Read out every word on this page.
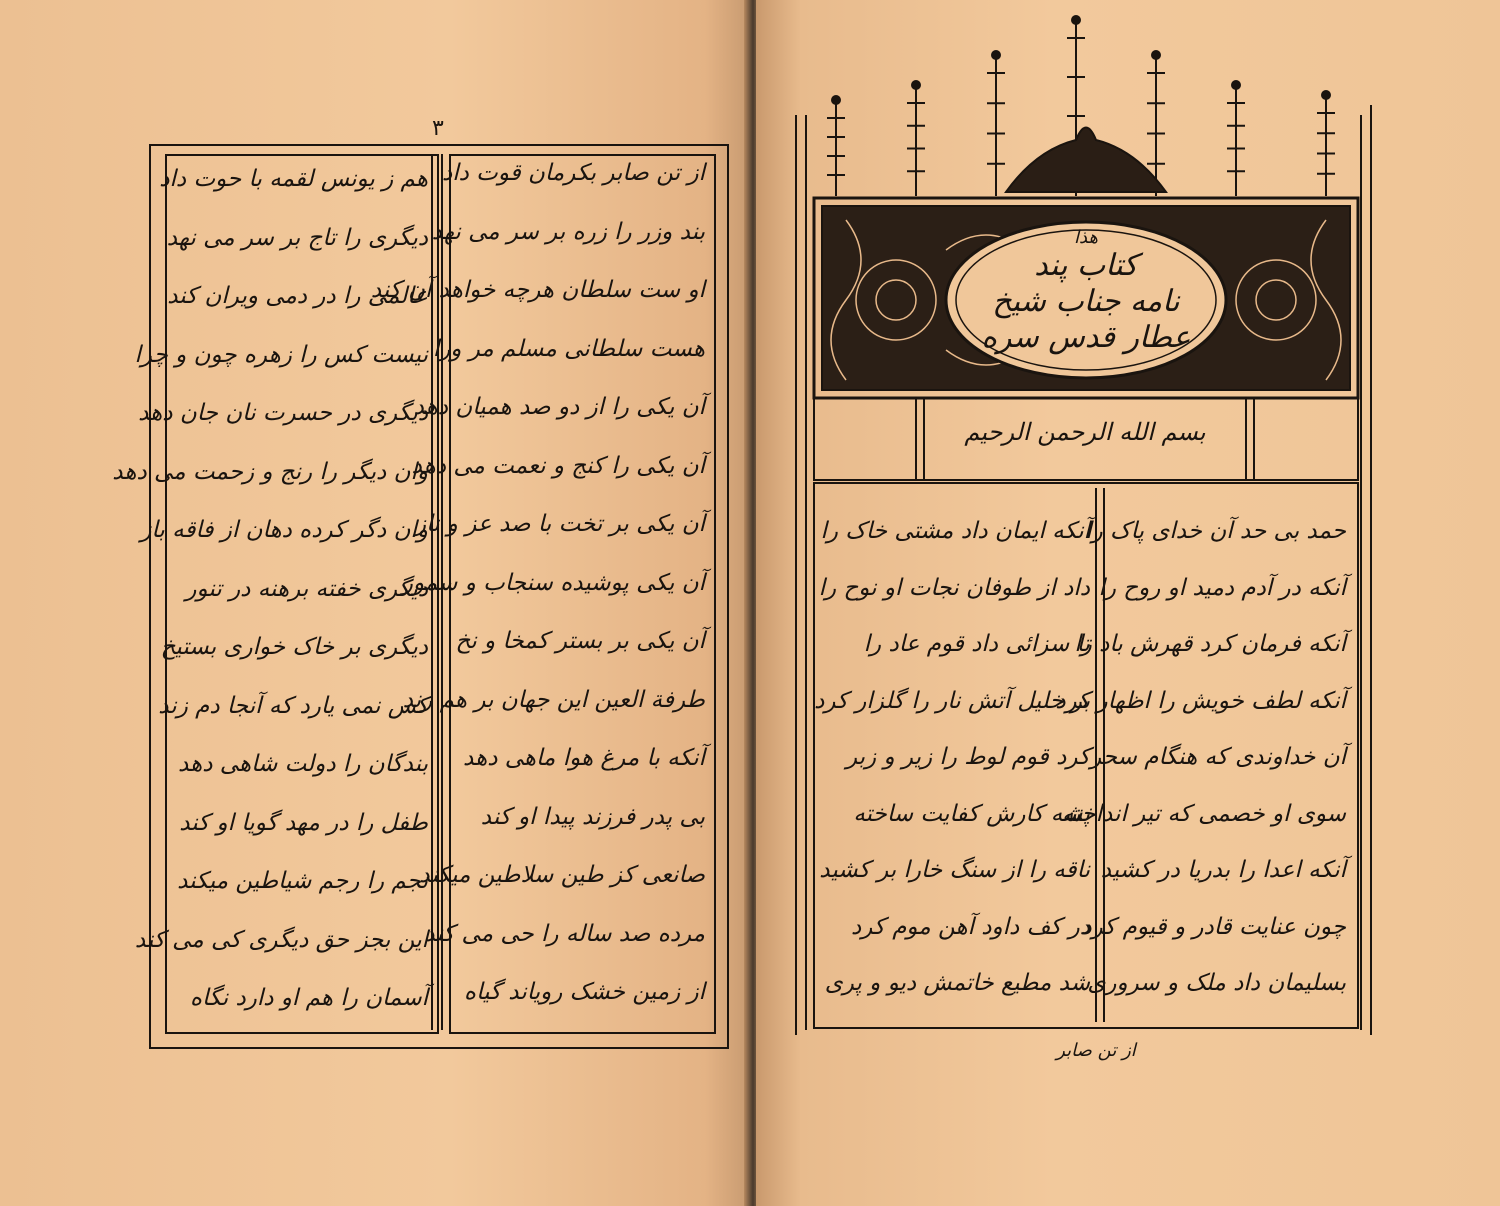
٣
از تن صابر بکرمان قوت داد
بند وزر را زره بر سر می نهد
او ست سلطان هرچه خواهد آن کند
هست سلطانی مسلم مر ورا
آن یکی را از دو صد همیان دهد
آن یکی را کنج و نعمت می دهد
آن یکی بر تخت با صد عز و ناز
آن یکی پوشیده سنجاب و سمور
آن یکی بر بستر کمخا و نخ
طرفة العین این جهان بر هم زند
آنکه با مرغ هوا ماهی دهد
بی پدر فرزند پیدا او کند
صانعی کز طین سلاطین میکند
مرده صد ساله را حی می کند
از زمین خشک رویاند گیاه
هم ز یونس لقمه با حوت داد
دیگری را تاج بر سر می نهد
عالمی را در دمی ویران کند
نیست کس را زهره چون و چرا
دیگری در حسرت نان جان دهد
وان دیگر را رنج و زحمت می دهد
وان دگر کرده دهان از فاقه باز
دیگری خفته برهنه در تنور
دیگری بر خاک خواری بستیخ
کس نمی یارد که آنجا دم زند
بندگان را دولت شاهی دهد
طفل را در مهد گویا او کند
نجم را رجم شیاطین میکند
این بجز حق دیگری کی می کند
آسمان را هم او دارد نگاه
هذا
کتاب پند
نامه جناب شیخ
عطار قدس سره
بسم الله الرحمن الرحیم
حمد بی حد آن خدای پاک را
آنکه در آدم دمید او روح را
آنکه فرمان کرد قهرش باد را
آنکه لطف خویش را اظهار کرد
آن خداوندی که هنگام سحر
سوی او خصمی که تیر انداخته
آنکه اعدا را بدریا در کشید
چون عنایت قادر و قیوم کرد
بسلیمان داد ملک و سروری
آنکه ایمان داد مشتی خاک را
داد از طوفان نجات او نوح را
تا سزائی داد قوم عاد را
بر خلیل آتش نار را گلزار کرد
کرد قوم لوط را زیر و زبر
پشه کارش کفایت ساخته
ناقه را از سنگ خارا بر کشید
در کف داود آهن موم کرد
شد مطیع خاتمش دیو و پری
از تن صابر
